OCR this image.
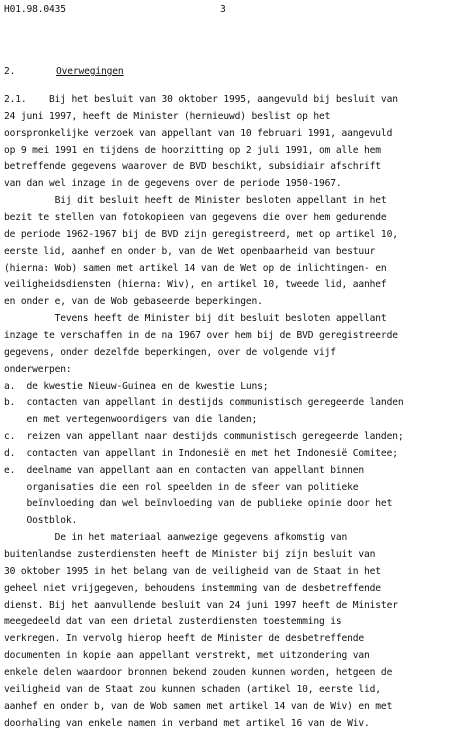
H01.98.0435	3
2.	Overwegingen
2.1.    Bij het besluit van 30 oktober 1995, aangevuld bij besluit van
24 juni 1997, heeft de Minister (hernieuwd) beslist op het
oorspronkelijke verzoek van appellant van 10 februari 1991, aangevuld
op 9 mei 1991 en tijdens de hoorzitting op 2 juli 1991, om alle hem
betreffende gegevens waarover de BVD beschikt, subsidiair afschrift
van dan wel inzage in de gegevens over de periode 1950-1967.
Bij dit besluit heeft de Minister besloten appellant in het
bezit te stellen van fotokopieen van gegevens die over hem gedurende
de periode 1962-1967 bij de BVD zijn geregistreerd, met op artikel 10,
eerste lid, aanhef en onder b, van de Wet openbaarheid van bestuur
(hierna: Wob) samen met artikel 14 van de Wet op de inlichtingen- en
veiligheidsdiensten (hierna: Wiv), en artikel 10, tweede lid, aanhef
en onder e, van de Wob gebaseerde beperkingen.
Tevens heeft de Minister bij dit besluit besloten appellant
inzage te verschaffen in de na 1967 over hem bij de BVD geregistreerde
gegevens, onder dezelfde beperkingen, over de volgende vijf
onderwerpen:
a.  de kwestie Nieuw-Guinea en de kwestie Luns;
b.  contacten van appellant in destijds communistisch geregeerde landen
en met vertegenwoordigers van die landen;
c.  reizen van appellant naar destijds communistisch geregeerde landen;
d.  contacten van appellant in Indonesië en met het Indonesië Comitee;
e.  deelname van appellant aan en contacten van appellant binnen
organisaties die een rol speelden in de sfeer van politieke
beïnvloeding dan wel beïnvloeding van de publieke opinie door het
Oostblok.
De in het materiaal aanwezige gegevens afkomstig van
buitenlandse zusterdiensten heeft de Minister bij zijn besluit van
30 oktober 1995 in het belang van de veiligheid van de Staat in het
geheel niet vrijgegeven, behoudens instemming van de desbetreffende
dienst. Bij het aanvullende besluit van 24 juni 1997 heeft de Minister
meegedeeld dat van een drietal zusterdiensten toestemming is
verkregen. In vervolg hierop heeft de Minister de desbetreffende
documenten in kopie aan appellant verstrekt, met uitzondering van
enkele delen waardoor bronnen bekend zouden kunnen worden, hetgeen de
veiligheid van de Staat zou kunnen schaden (artikel 10, eerste lid,
aanhef en onder b, van de Wob samen met artikel 14 van de Wiv) en met
doorhaling van enkele namen in verband met artikel 16 van de Wiv.
